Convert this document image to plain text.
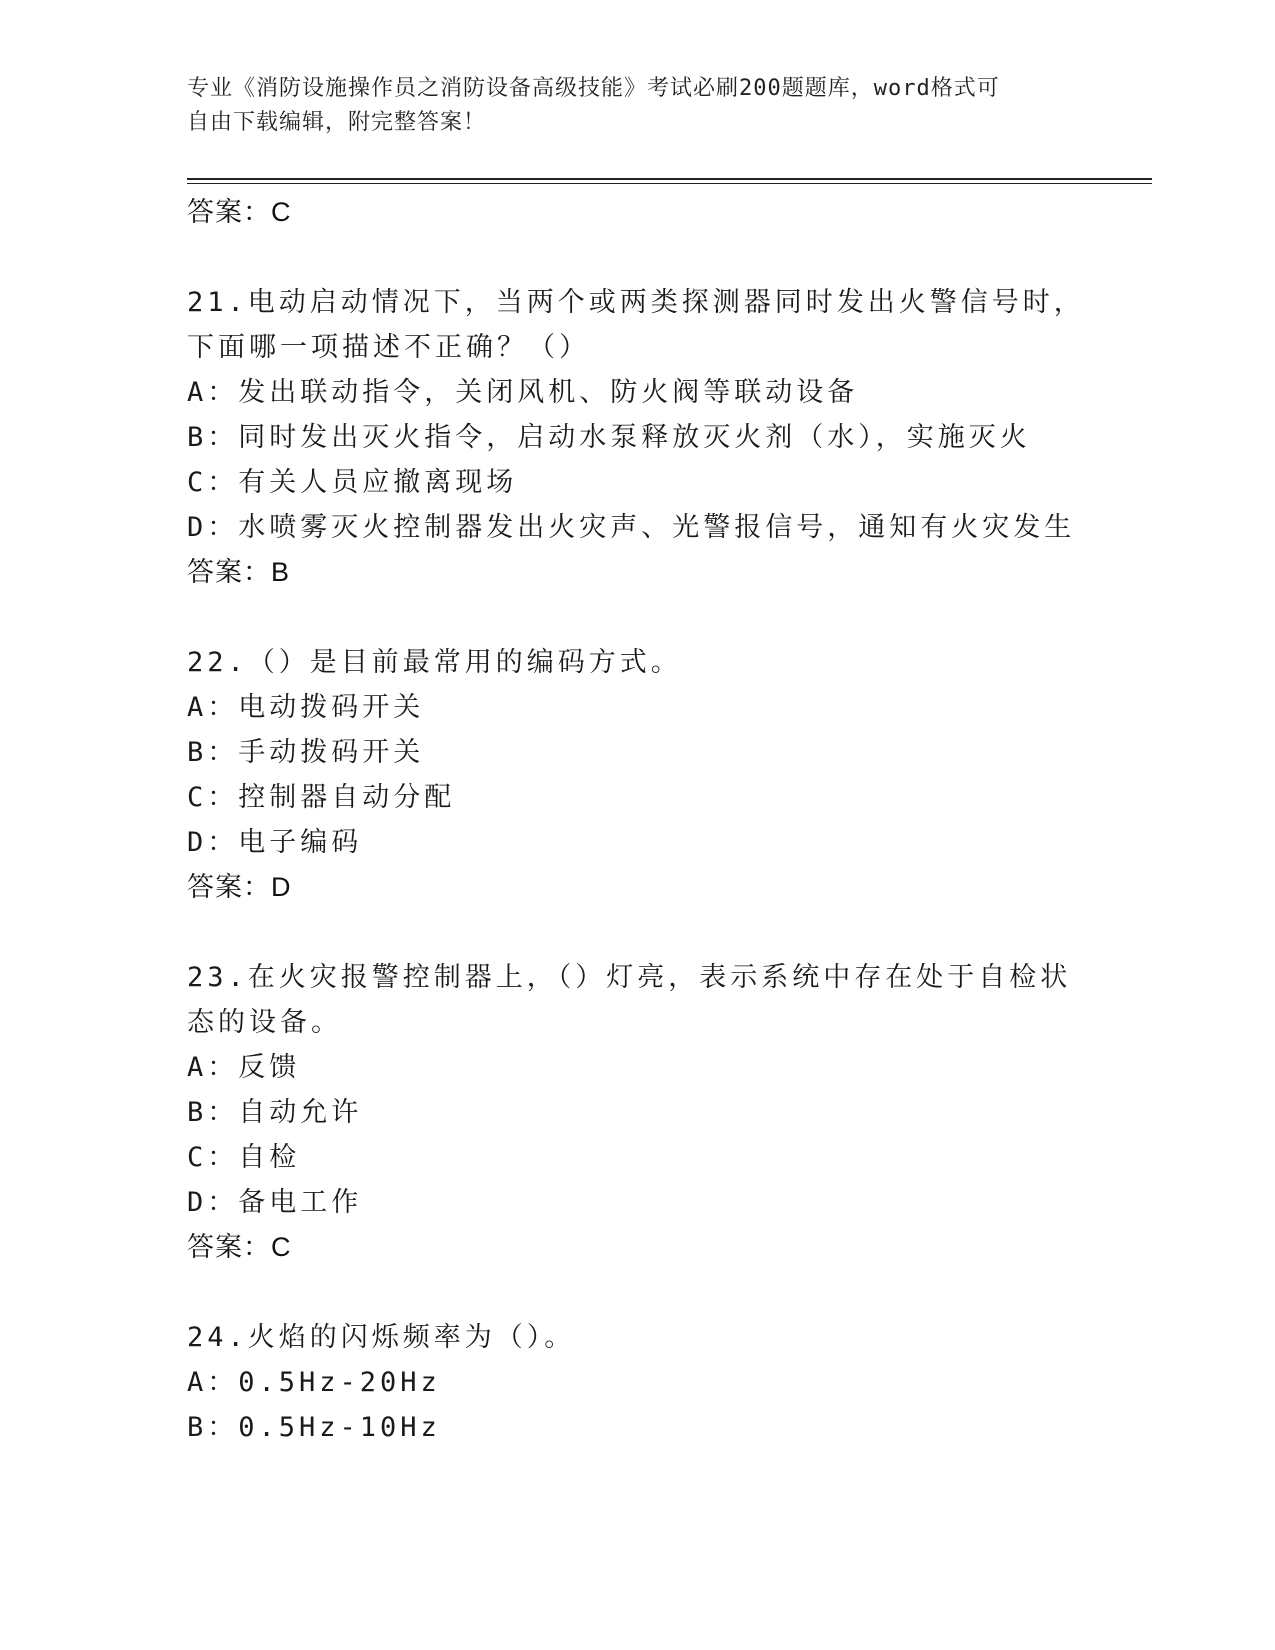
专业《消防设施操作员之消防设备高级技能》考试必刷200题题库，word格式可
自由下载编辑，附完整答案！
答案：C
21.电动启动情况下，当两个或两类探测器同时发出火警信号时，下面哪一项描述不正确？（）
A：发出联动指令，关闭风机、防火阀等联动设备
B：同时发出灭火指令，启动水泵释放灭火剂（水），实施灭火
C：有关人员应撤离现场
D：水喷雾灭火控制器发出火灾声、光警报信号，通知有火灾发生
答案：B
22.（）是目前最常用的编码方式。
A：电动拨码开关
B：手动拨码开关
C：控制器自动分配
D：电子编码
答案：D
23.在火灾报警控制器上，（）灯亮，表示系统中存在处于自检状态的设备。
A：反馈
B：自动允许
C：自检
D：备电工作
答案：C
24.火焰的闪烁频率为（）。
A：0.5Hz-20Hz
B：0.5Hz-10Hz
